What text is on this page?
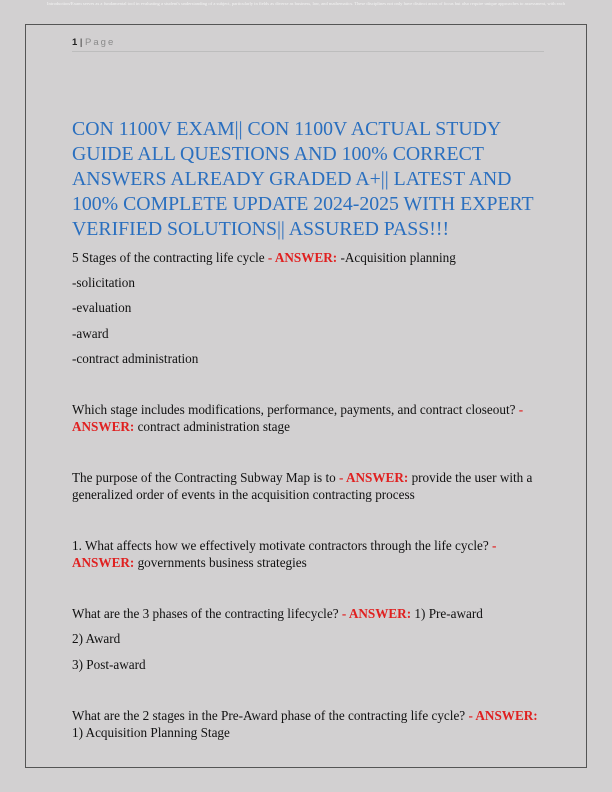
Introduction/Exam serves as a fundamental tool in evaluating a student's understanding of a subject, particularly in fields as diverse as business, law, and mathematics. These disciplines not only have distinct areas of focus but also require unique approaches to assessment, with each
1 | Page
CON 1100V EXAM|| CON 1100V ACTUAL STUDY GUIDE ALL QUESTIONS AND 100% CORRECT ANSWERS ALREADY GRADED A+|| LATEST AND 100% COMPLETE UPDATE 2024-2025 WITH EXPERT VERIFIED SOLUTIONS|| ASSURED PASS!!!
5 Stages of the contracting life cycle - ANSWER: -Acquisition planning
-solicitation
-evaluation
-award
-contract administration
Which stage includes modifications, performance, payments, and contract closeout? - ANSWER: contract administration stage
The purpose of the Contracting Subway Map is to - ANSWER: provide the user with a generalized order of events in the acquisition contracting process
1. What affects how we effectively motivate contractors through the life cycle? - ANSWER: governments business strategies
What are the 3 phases of the contracting lifecycle? - ANSWER: 1) Pre-award
2) Award
3) Post-award
What are the 2 stages in the Pre-Award phase of the contracting life cycle? - ANSWER: 1) Acquisition Planning Stage
